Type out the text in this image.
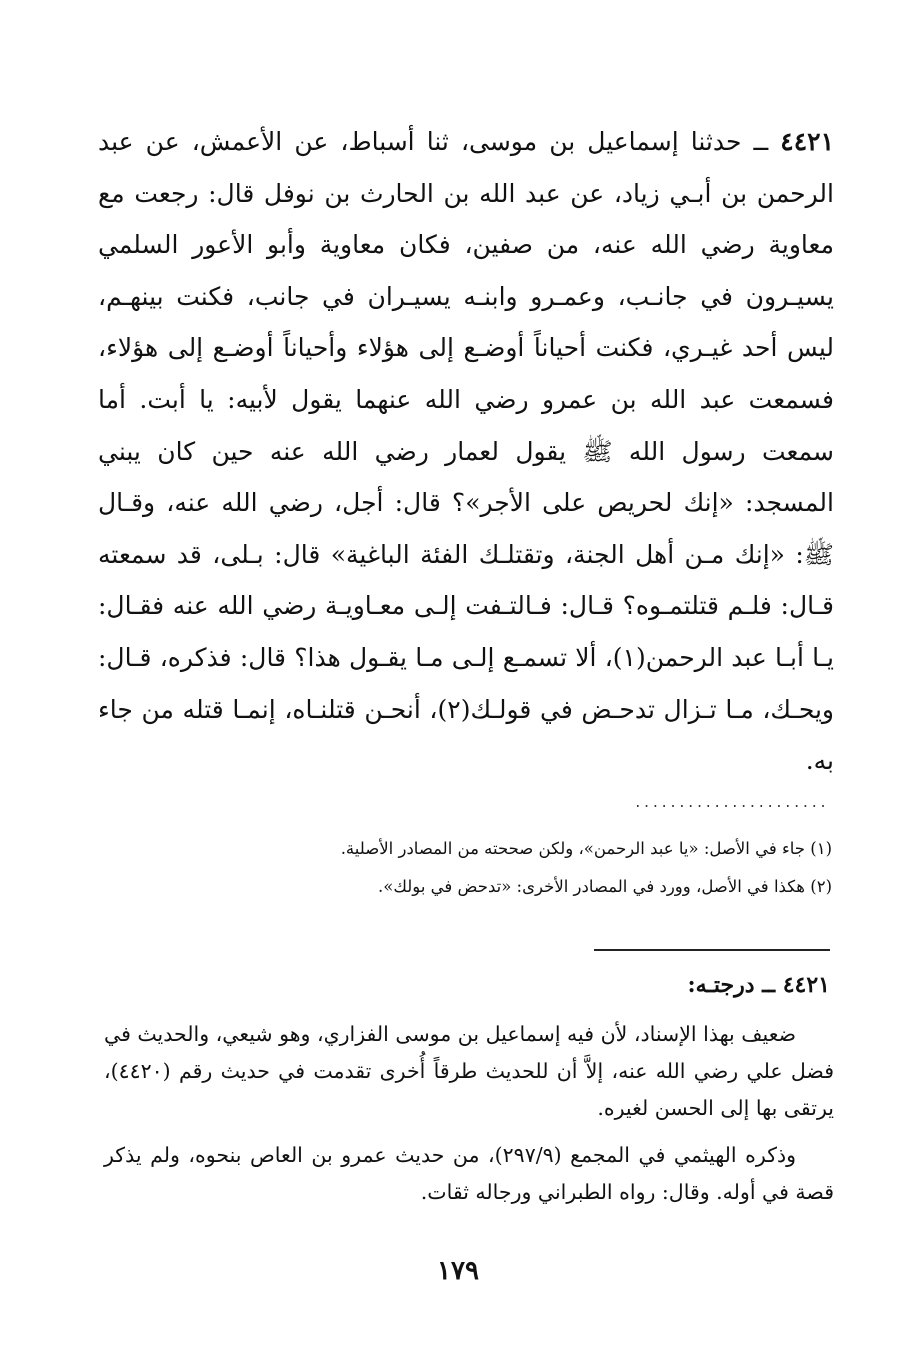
٤٤٢١ ــ حدثنا إسماعيل بن موسى، ثنا أسباط، عن الأعمش، عن عبد الرحمن بن أبـي زياد، عن عبد الله بن الحارث بن نوفل قال: رجعت مع معاوية رضي الله عنه، من صفين، فكان معاوية وأبو الأعور السلمي يسيـرون في جانـب، وعمـرو وابنـه يسيـران في جانب، فكنت بينهـم، ليس أحد غيـري، فكنت أحياناً أوضـع إلى هؤلاء وأحياناً أوضـع إلى هؤلاء، فسمعت عبد الله بن عمرو رضي الله عنهما يقول لأبيه: يا أبت. أما سمعت رسول الله ﷺ يقول لعمار رضي الله عنه حين كان يبني المسجد: «إنك لحريص على الأجر»؟ قال: أجل، رضي الله عنه، وقـال ﷺ: «إنك مـن أهل الجنة، وتقتلـك الفئة الباغية» قال: بـلى، قد سمعته قـال: فلـم قتلتمـوه؟ قـال: فـالتـفت إلـى معـاويـة رضي الله عنه فقـال: يـا أبـا عبد الرحمن(١)، ألا تسمـع إلـى مـا يقـول هذا؟ قال: فذكره، قـال: ويحـك، مـا تـزال تدحـض في قولـك(٢)، أنحـن قتلنـاه، إنمـا قتله من جاء به.

......................

(١) جاء في الأصل: «يا عبد الرحمن»، ولكن صححته من المصادر الأصلية.

(٢) هكذا في الأصل، وورد في المصادر الأخرى: «تدحض في بولك».

٤٤٢١ ــ درجتـه:

ضعيف بهذا الإسناد، لأن فيه إسماعيل بن موسى الفزاري، وهو شيعي، والحديث في فضل علي رضي الله عنه، إلاَّ أن للحديث طرقاً أُخرى تقدمت في حديث رقم (٤٤٢٠)، يرتقى بها إلى الحسن لغيره.

وذكره الهيثمي في المجمع (٢٩٧/٩)، من حديث عمرو بن العاص بنحوه، ولم يذكر قصة في أوله. وقال: رواه الطبراني ورجاله ثقات.

١٧٩
